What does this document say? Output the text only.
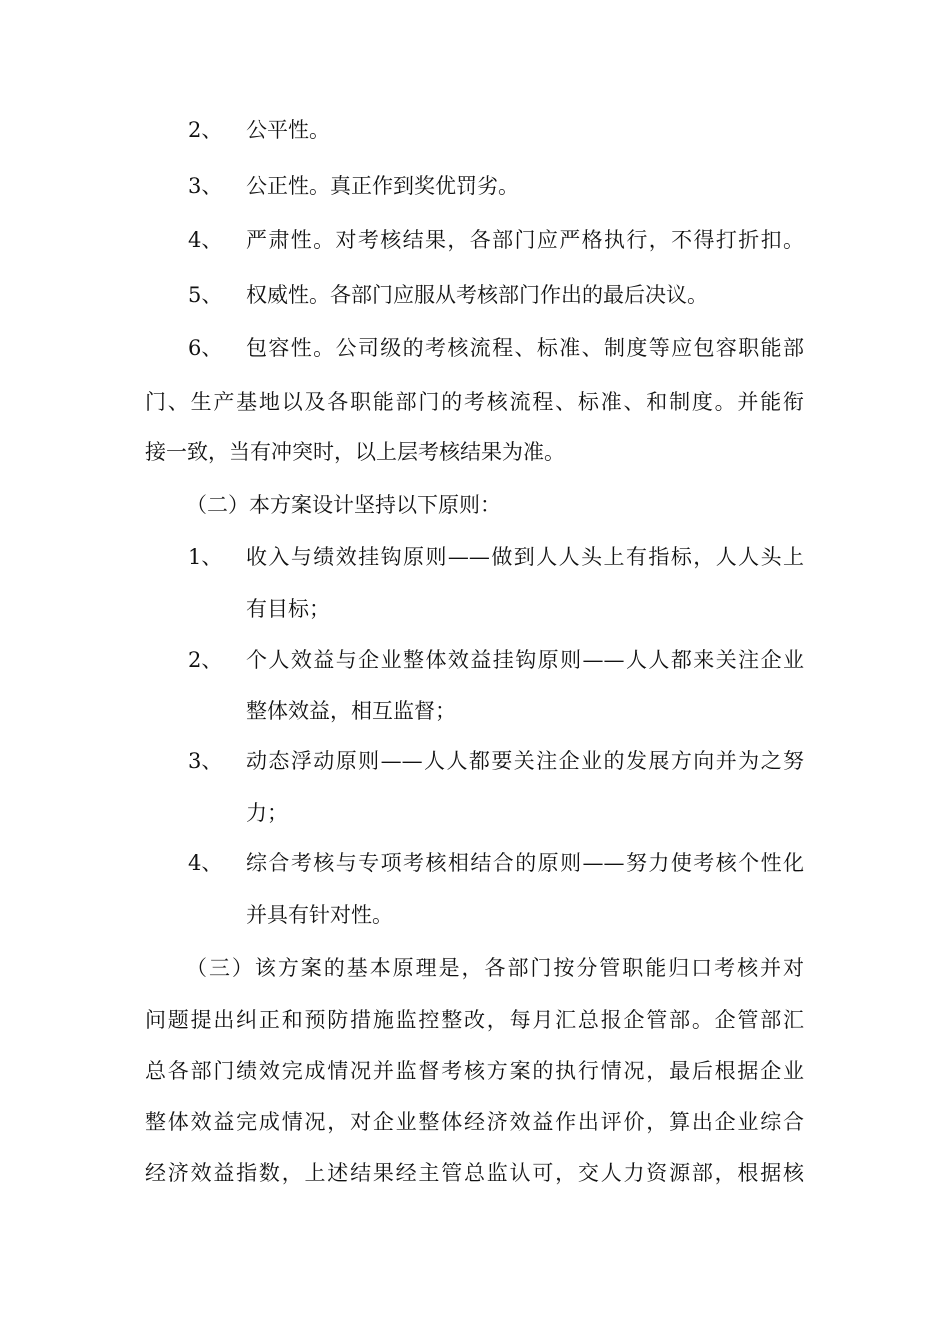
2、 公平性。
3、 公正性。真正作到奖优罚劣。
4、 严肃性。对考核结果，各部门应严格执行，不得打折扣。
5、 权威性。各部门应服从考核部门作出的最后决议。
6、 包容性。公司级的考核流程、标准、制度等应包容职能部
门、生产基地以及各职能部门的考核流程、标准、和制度。并能衔
接一致，当有冲突时，以上层考核结果为准。
（二）本方案设计坚持以下原则：
1、 收入与绩效挂钩原则——做到人人头上有指标，人人头上
有目标；
2、 个人效益与企业整体效益挂钩原则——人人都来关注企业
整体效益，相互监督；
3、 动态浮动原则——人人都要关注企业的发展方向并为之努
力；
4、 综合考核与专项考核相结合的原则——努力使考核个性化
并具有针对性。
（三）该方案的基本原理是，各部门按分管职能归口考核并对
问题提出纠正和预防措施监控整改，每月汇总报企管部。企管部汇
总各部门绩效完成情况并监督考核方案的执行情况，最后根据企业
整体效益完成情况，对企业整体经济效益作出评价，算出企业综合
经济效益指数，上述结果经主管总监认可，交人力资源部，根据核
